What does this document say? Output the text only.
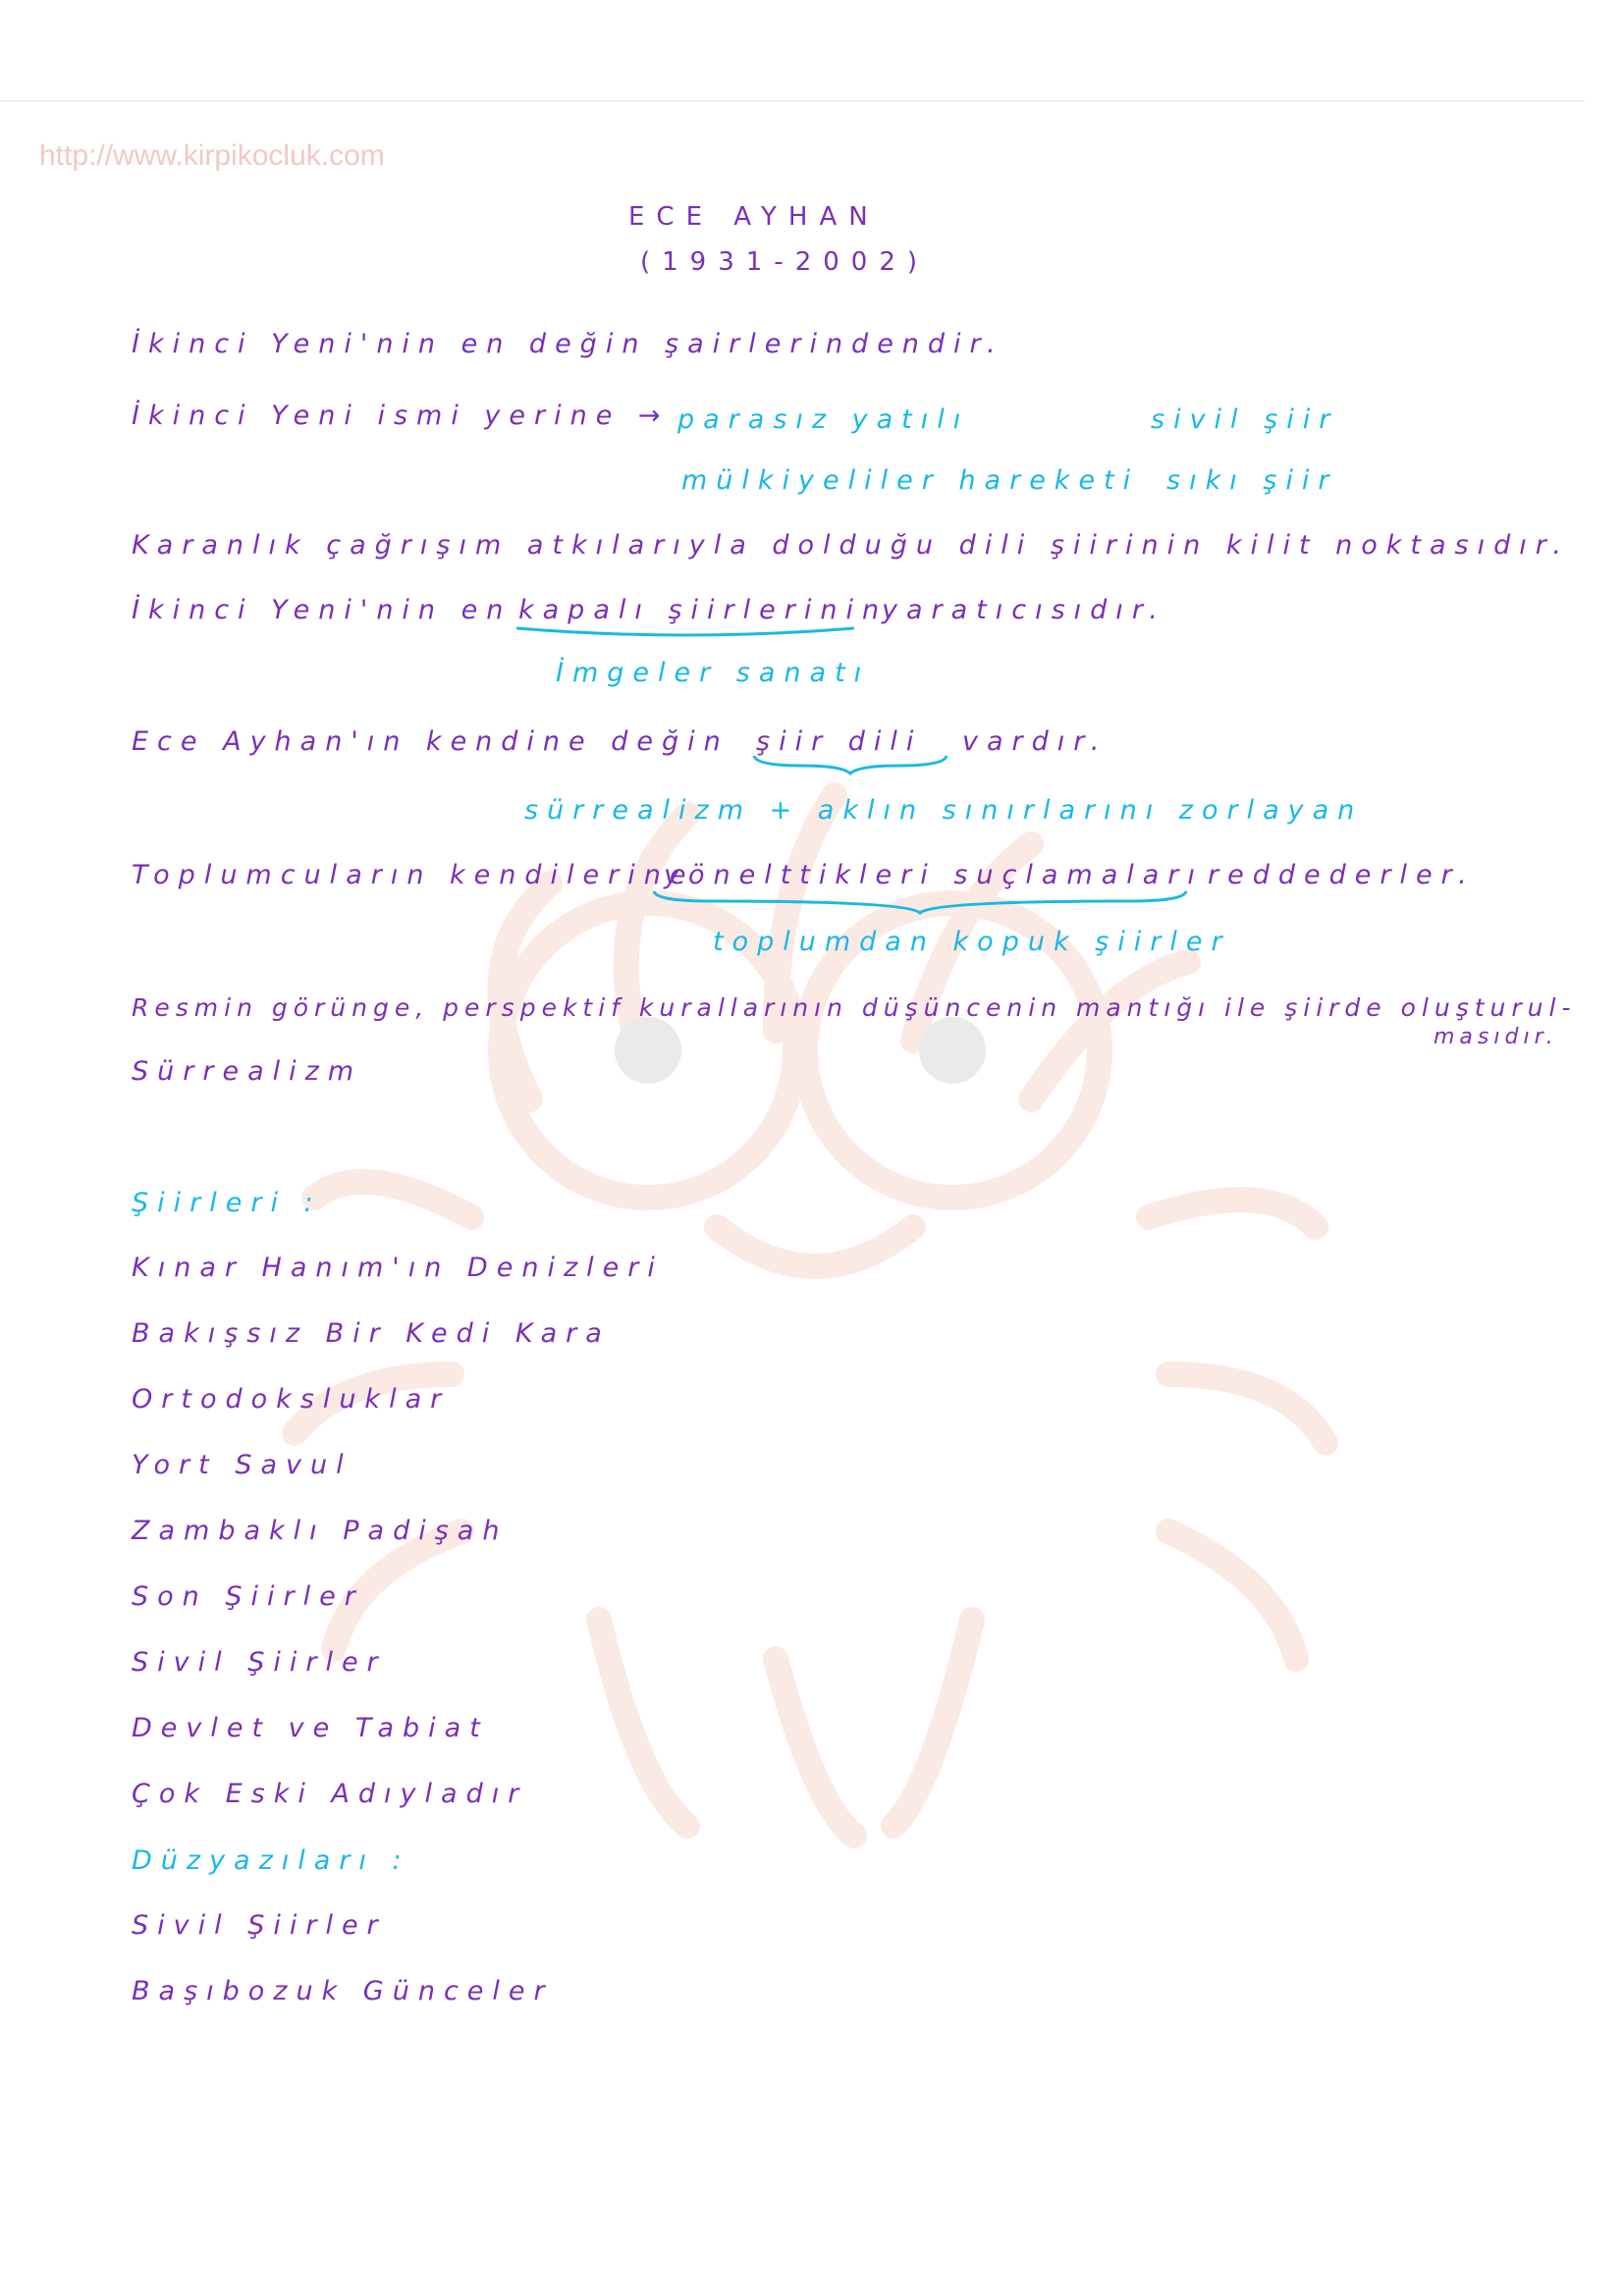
http://www.kirpikocluk.com
ECE AYHAN
(1931-2002)
İkinci Yeni'nin en değin şairlerindendir.
İkinci Yeni ismi yerine → parasız yatılı	sivil şiir
mülkiyeliler hareketi sıkı şiir
Karanlık çağrışım atkılarıyla dolduğu dili şiirinin kilit noktasıdır.
İkinci Yeni'nin en kapalı şiirlerinin
yaratıcısıdır.
İmgeler sanatı
Ece Ayhan'ın kendine değin şiir dili vardır.
sürrealizm + aklın sınırlarını zorlayan
Toplumcuların kendilerine
yönelttikleri suçlamaları reddederler.
toplumdan kopuk şiirler
Resmin görünge, perspektif kurallarının düşüncenin mantığı ile şiirde oluşturul-
masıdır.
Sürrealizm
Şiirleri :
Kınar Hanım'ın Denizleri
Bakışsız Bir Kedi Kara
Ortodoksluklar
Yort Savul
Zambaklı Padişah
Son Şiirler
Sivil Şiirler
Devlet ve Tabiat
Çok Eski Adıyladır
Düzyazıları :
Sivil Şiirler
Başıbozuk Günceler
